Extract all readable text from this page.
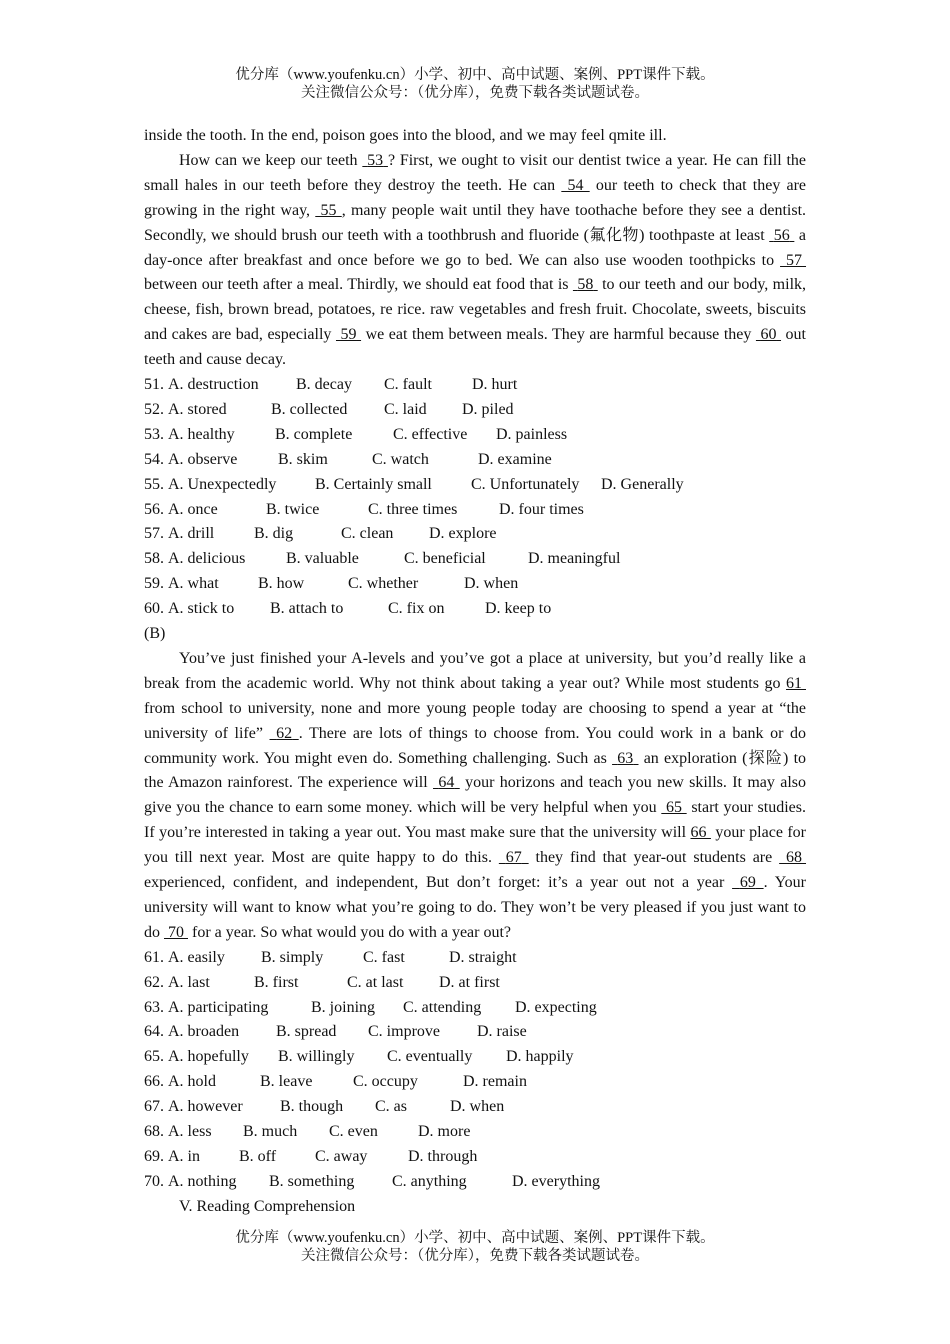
优分库（www.youfenku.cn）小学、初中、高中试题、案例、PPT课件下载。
关注微信公众号：（优分库），免费下载各类试题试卷。

inside the tooth. In the end, poison goes into the blood, and we may feel qmite ill.

How can we keep our teeth  53 ? First, we ought to visit our dentist twice a year. He can fill the small hales in our teeth before they destroy the teeth. He can  54  our teeth to check that they are growing in the right way,  55 , many people wait until they have toothache before they see a dentist. Secondly, we should brush our teeth with a toothbrush and fluoride (氟化物) toothpaste at least  56  a day-once after breakfast and once before we go to bed. We can also use wooden toothpicks to  57  between our teeth after a meal. Thirdly, we should eat food that is  58  to our teeth and our body, milk, cheese, fish, brown bread, potatoes, re rice. raw vegetables and fresh fruit. Chocolate, sweets, biscuits and cakes are bad, especially  59  we eat them between meals. They are harmful because they  60  out teeth and cause decay.

51. A. destruction B. decay C. fault	D. hurt
52. A. stored	B. collected C. laid D. piled
53. A. healthy	B. complete	C. effective D. painless
54. A. observe	B. skim	C. watch	D. examine
55. A. Unexpectedly B. Certainly small C. Unfortunately D. Generally
56. A. once	B. twice	C. three times	D. four times
57. A. drill B. dig	C. clean D. explore
58. A. delicious	B. valuable	C. beneficial	D. meaningful
59. A. what B. how	C. whether	D. when
60. A. stick to B. attach to	C. fix on	D. keep to

(B)

You’ve just finished your A-levels and you’ve got a place at university, but you’d really like a break from the academic world. Why not think about taking a year out? While most students go 61  from school to university, none and more young people today are choosing to spend a year at “the university of life”  62 . There are lots of things to choose from. You could work in a bank or do community work. You might even do. Something challenging. Such as  63  an exploration (探险) to the Amazon rainforest. The experience will  64  your horizons and teach you new skills. It may also give you the chance to earn some money. which will be very helpful when you  65  start your studies. If you’re interested in taking a year out. You mast make sure that the university will 66  your place for you till next year. Most are quite happy to do this.  67  they find that year-out students are  68  experienced, confident, and independent, But don’t forget: it’s a year out not a year  69 . Your university will want to know what you’re going to do. They won’t be very pleased if you just want to do  70  for a year. So what would you do with a year out?

61. A. easily B. simply C. fast	D. straight
62. A. last	B. first	C. at last D. at first
63. A. participating	B. joining C. attending D. expecting
64. A. broaden B. spread C. improve D. raise
65. A. hopefully B. willingly C. eventually D. happily
66. A. hold	B. leave	C. occupy	D. remain
67. A. however B. though C. as	D. when
68. A. less B. much C. even	D. more
69. A. in B. off C. away	D. through
70. A. nothing B. something C. anything	D. everything

V. Reading Comprehension

优分库（www.youfenku.cn）小学、初中、高中试题、案例、PPT课件下载。
关注微信公众号：（优分库），免费下载各类试题试卷。
